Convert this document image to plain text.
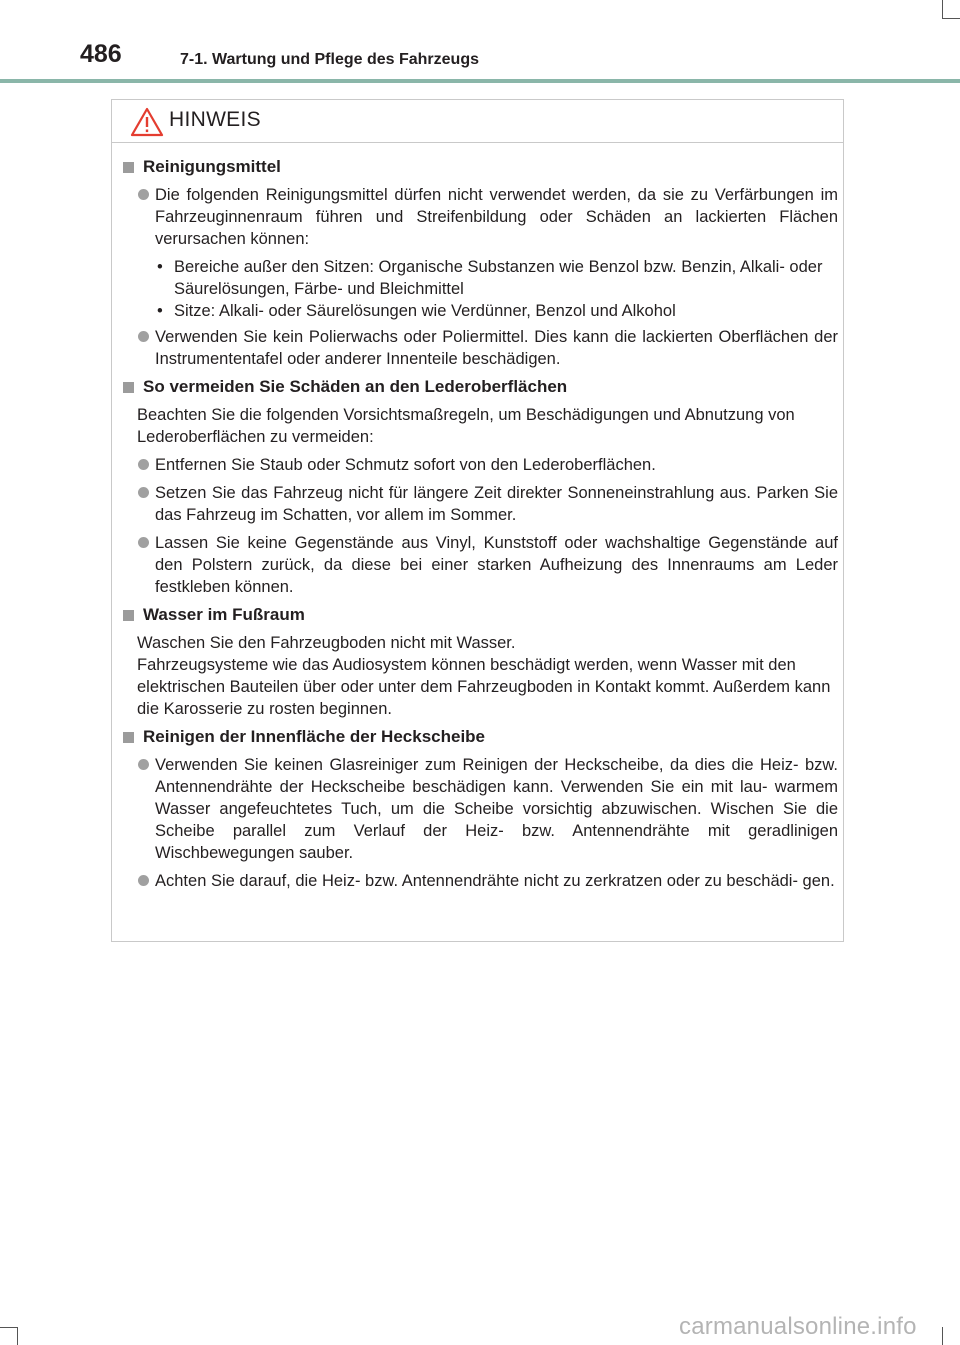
486	7-1. Wartung und Pflege des Fahrzeugs
HINWEIS
Reinigungsmittel
Die folgenden Reinigungsmittel dürfen nicht verwendet werden, da sie zu Verfärbungen im Fahrzeuginnenraum führen und Streifenbildung oder Schäden an lackierten Flächen verursachen können:
• Bereiche außer den Sitzen: Organische Substanzen wie Benzol bzw. Benzin, Alkali- oder Säurelösungen, Färbe- und Bleichmittel
• Sitze: Alkali- oder Säurelösungen wie Verdünner, Benzol und Alkohol
Verwenden Sie kein Polierwachs oder Poliermittel. Dies kann die lackierten Oberflächen der Instrumententafel oder anderer Innenteile beschädigen.
So vermeiden Sie Schäden an den Lederoberflächen
Beachten Sie die folgenden Vorsichtsmaßregeln, um Beschädigungen und Abnutzung von Lederoberflächen zu vermeiden:
Entfernen Sie Staub oder Schmutz sofort von den Lederoberflächen.
Setzen Sie das Fahrzeug nicht für längere Zeit direkter Sonneneinstrahlung aus. Parken Sie das Fahrzeug im Schatten, vor allem im Sommer.
Lassen Sie keine Gegenstände aus Vinyl, Kunststoff oder wachshaltige Gegenstände auf den Polstern zurück, da diese bei einer starken Aufheizung des Innenraums am Leder festkleben können.
Wasser im Fußraum
Waschen Sie den Fahrzeugboden nicht mit Wasser.
Fahrzeugsysteme wie das Audiosystem können beschädigt werden, wenn Wasser mit den elektrischen Bauteilen über oder unter dem Fahrzeugboden in Kontakt kommt. Außerdem kann die Karosserie zu rosten beginnen.
Reinigen der Innenfläche der Heckscheibe
Verwenden Sie keinen Glasreiniger zum Reinigen der Heckscheibe, da dies die Heiz- bzw. Antennendrähte der Heckscheibe beschädigen kann. Verwenden Sie ein mit lau- warmem Wasser angefeuchtetes Tuch, um die Scheibe vorsichtig abzuwischen. Wischen Sie die Scheibe parallel zum Verlauf der Heiz- bzw. Antennendrähte mit geradlinigen Wischbewegungen sauber.
Achten Sie darauf, die Heiz- bzw. Antennendrähte nicht zu zerkratzen oder zu beschädi- gen.
carmanualsonline.info
